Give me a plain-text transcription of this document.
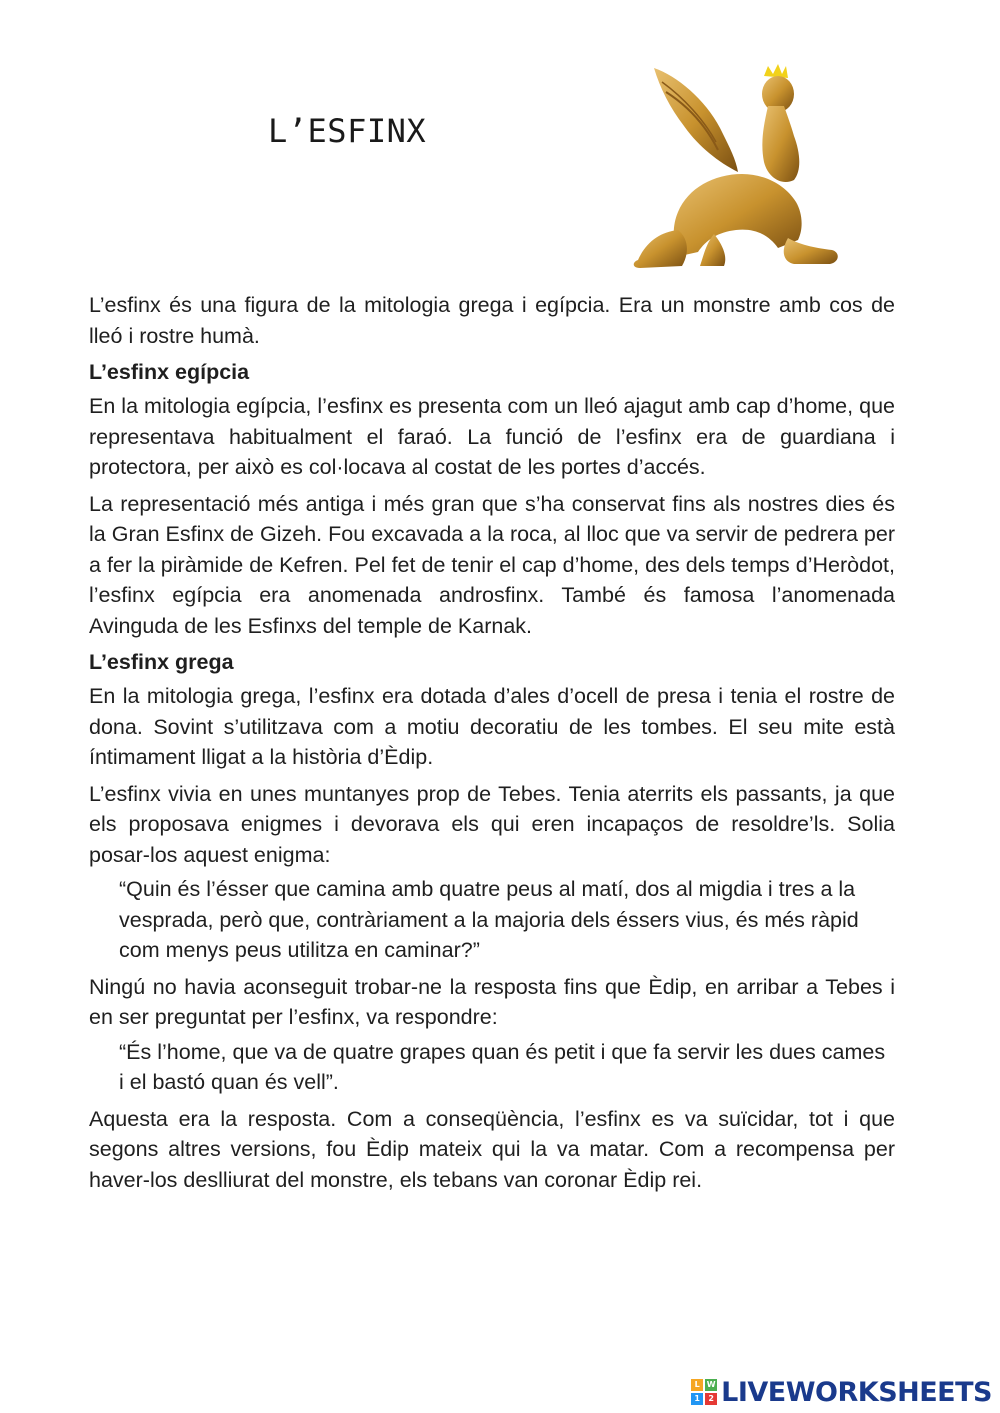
L’ESFINX

L’esfinx és una figura de la mitologia grega i egípcia. Era un monstre amb cos de lleó i rostre humà.

L’esfinx egípcia

En la mitologia egípcia, l’esfinx es presenta com un lleó ajagut amb cap d’home, que representava habitualment el faraó. La funció de l’esfinx era de guardiana i protectora, per això es col·locava al costat de les portes d’accés.

La representació més antiga i més gran que s’ha conservat fins als nostres dies és la Gran Esfinx de Gizeh. Fou excavada a la roca, al lloc que va servir de pedrera per a fer la piràmide de Kefren. Pel fet de tenir el cap d’home, des dels temps d’Heròdot, l’esfinx egípcia era anomenada androsfinx. També és famosa l’anomenada Avinguda de les Esfinxs del temple de Karnak.

L’esfinx grega

En la mitologia grega, l’esfinx era dotada d’ales d’ocell de presa i tenia el rostre de dona. Sovint s’utilitzava com a motiu decoratiu de les tombes. El seu mite està íntimament lligat a la història d’Èdip.

L’esfinx vivia en unes muntanyes prop de Tebes. Tenia aterrits els passants, ja que els proposava enigmes i devorava els qui eren incapaços de resoldre’ls. Solia posar-los aquest enigma:

“Quin és l’ésser que camina amb quatre peus al matí, dos al migdia i tres a la vesprada, però que, contràriament a la majoria dels éssers vius, és més ràpid com menys peus utilitza en caminar?”

Ningú no havia aconseguit trobar-ne la resposta fins que Èdip, en arribar a Tebes i en ser preguntat per l’esfinx, va respondre:

“És l’home, que va de quatre grapes quan és petit i que fa servir les dues cames i el bastó quan és vell”.

Aquesta era la resposta. Com a conseqüència, l’esfinx es va suïcidar, tot i que segons altres versions, fou Èdip mateix qui la va matar. Com a recompensa per haver-los deslliurat del monstre, els tebans van coronar Èdip rei.

L W
1	2 LIVEWORKSHEETS
